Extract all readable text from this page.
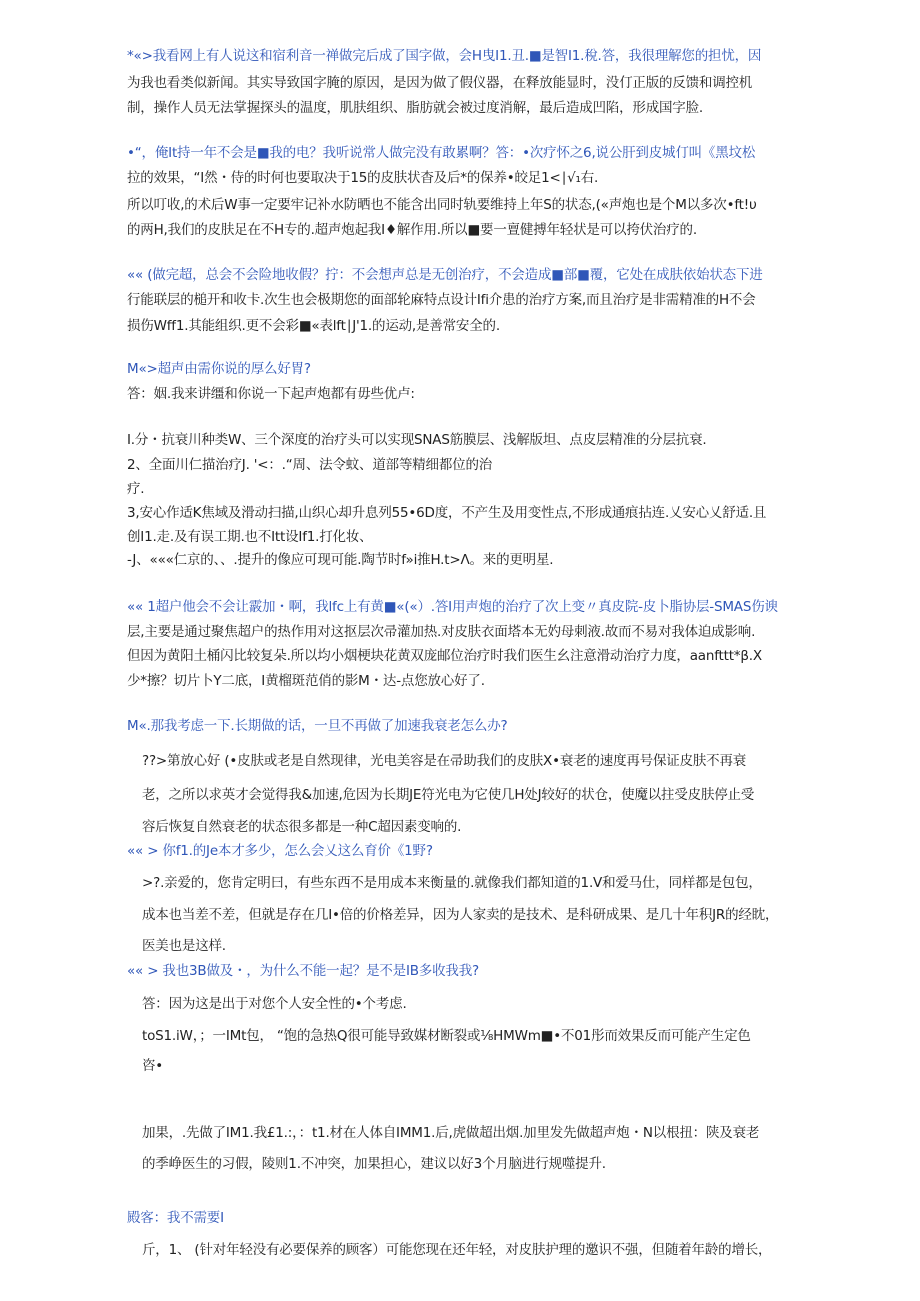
*«>我看网上有人说这和宿利音一禅做完后成了国字做，会H曳I1.丑.■是智I1.稅.答，我很理解您的担忧，因
为我也看类似新闻。其实导致国字腌的原因，是因为做了假仪器，在释放能显时，没仃正版的反馈和调控机
制，操作人员无法掌握探头的温度，肌肤组织、脂肪就会被过度消解，最后造成凹陷，形成国字脸.
•“，俺It持一年不会是■我的电？我听说常人做完没有敢累啊？答：•次疗怀之6,说公肝到皮城仃叫《黑坟松
拉的效果，“I然・侍的时何也要取决于15的皮肤状杳及后*的保养•皎足1<∣√₁右.
所以叮收,的术后W事一定要牢记补水防晒也不能含出同时轨要维持上年S的状态,(«声炮也是个M以多次•ft!υ
的两H,我们的皮肤足在不H专的.超声炮起我I♦解作用.所以■要一亶健搏年轻状是可以挎伏治疗的.
«« (做完超，总会不会险地收假？拧：不会想声总是无创治疗，不会造成■部■覆，它处在成肤依始状态下进
行能联层的槌开和收卡.次生也会极期您的面部轮麻特点设计Ifi介患的治疗方案,而且治疗是非需精准的H不会
损伤Wff1.其能组织.更不会彩■«表lft∣J'1.的运动,是善常安全的.
M«>超声由需你说的厚么好胃?
答：姻.我来讲缰和你说一下起声炮都有毋些优卢:
I.分・抗衰川种类W、三个深度的治疗头可以实现SNAS筋膜层、浅解版坦、点皮层精准的分层抗衰.
2、全面川仁描治疗J. '<：.“周、法令蚊、道部等精细都位的治
疗.
3,安心作适K焦域及滑动扫描,山织心却升息列55•6D度，不产生及用变性点,不形成通痕拈连.乂安心乂舒适.且
创I1.走.及有误工期.也不Itt设If1.打化妆、
-J、«««仁京的、、.提升的像应可现可能.陶节时f»i推H.t>Λ。来的更明星.
«« 1超户他会不会让霰加・啊，我lfc上有黄■«(«）.答I用声炮的治疗了次上变〃真皮院-皮卜脂协层-SMAS伤谀
层,主要是通过聚焦超户的热作用对这抠层次帚灌加热.对皮肤衣面塔本无妁母刺液.故而不易对我体迫成影响.
但因为黄阳土桶闪比较复朵.所以均小烟梗块花黄双庞邮位治疗时我们医生幺注意滑动治疗力度，aanfttt*β.X
少*擦？切片卜Y二底，I黄榴斑范俏的影M・达-点您放心好了.
M«.那我考虑一下.长期做的话，一旦不再做了加速我衰老怎么办?
??>第放心好 (•皮肤或老是自然现律，光电美容是在帚助我们的皮肤X•衰老的速度再号保证皮肤不再衰
老，之所以求英才会觉得我&加速,危因为长期JE符光电为它使几H处J较好的状仓，使魔以拄受皮肤停止受
容后恢复自然衰老的状态很多都是一种C超因素变响的.
«« > 你f1.的Je本才多少，怎么会乂这么育价《1野?
>?.亲爱的，您肯定明曰，有些东西不是用成本来衡量的.就像我们都知道的1.V和爱马仕，同样都是包包，
成本也当差不差，但就是存在几I•倍的价格差异，因为人家卖的是技术、是科研成果、是几十年积JR的经眈，
医美也是这样.
«« > 我也3B做及・，为什么不能一起？是不是IB多收我我?
答：因为这是出于对您个人安全性的•个考虑.
toS1.iW，；一IMt包， “饱的急热Q很可能导致媒材断裂或⅛HMWm■•不01彤而效果反而可能产生定色
咨•
加果，.先做了IM1.我£1.:，：t1.材在人体自IMM1.后,虎做超出烟.加里发先做超声炮・N以根扭：陕及衰老
的季峥医生的习假，陵则1.不冲突，加果担心，建议以好3个月脑进行规噬提升.
殿客：我不需要I
斤，1、 (针对年轻没有必要保养的顾客）可能您现在还年轻，对皮肤护理的邀识不强，但随着年龄的增长，
